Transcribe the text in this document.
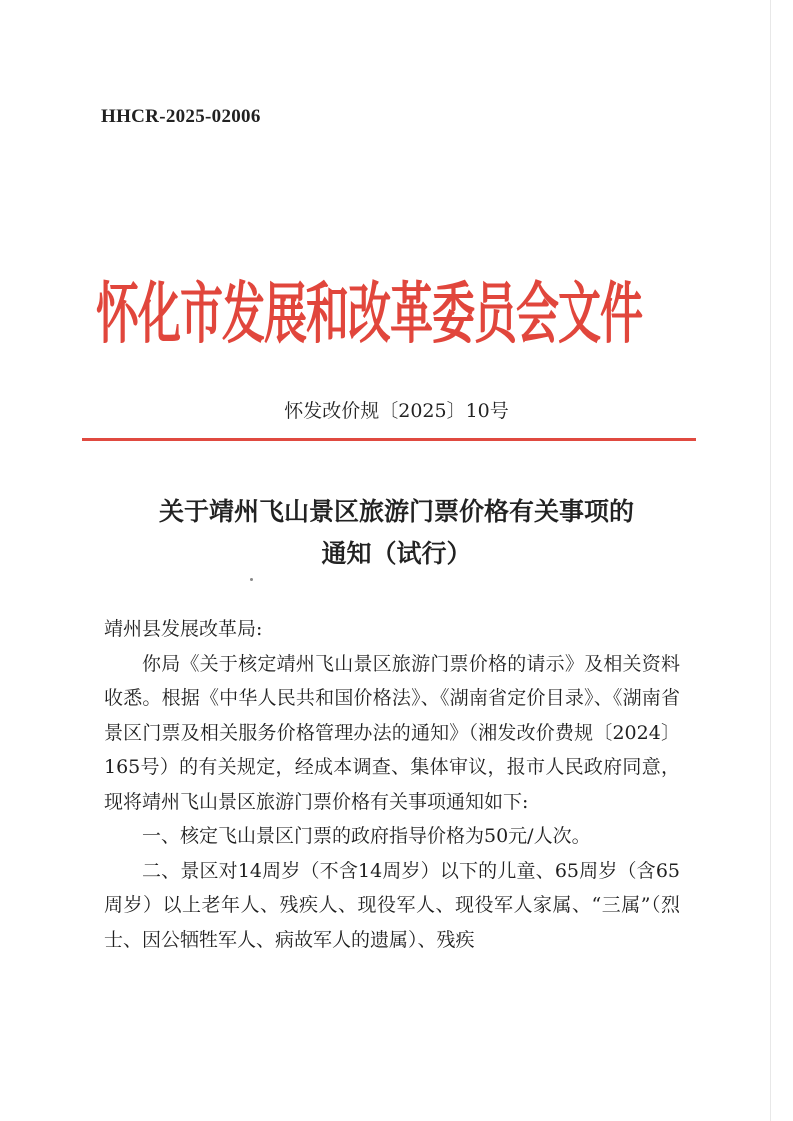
HHCR-2025-02006
怀化市发展和改革委员会文件
怀发改价规〔2025〕10号
关于靖州飞山景区旅游门票价格有关事项的
通知（试行）

靖州县发展改革局:

你局《关于核定靖州飞山景区旅游门票价格的请示》及相关资料收悉。根据《中华人民共和国价格法》、《湖南省定价目录》、《湖南省景区门票及相关服务价格管理办法的通知》（湘发改价费规〔2024〕165号）的有关规定，经成本调查、集体审议，报市人民政府同意，现将靖州飞山景区旅游门票价格有关事项通知如下:

一、核定飞山景区门票的政府指导价格为50元/人次。

二、景区对14周岁（不含14周岁）以下的儿童、65周岁（含65周岁）以上老年人、残疾人、现役军人、现役军人家属、“三属”（烈士、因公牺牲军人、病故军人的遗属）、残疾
